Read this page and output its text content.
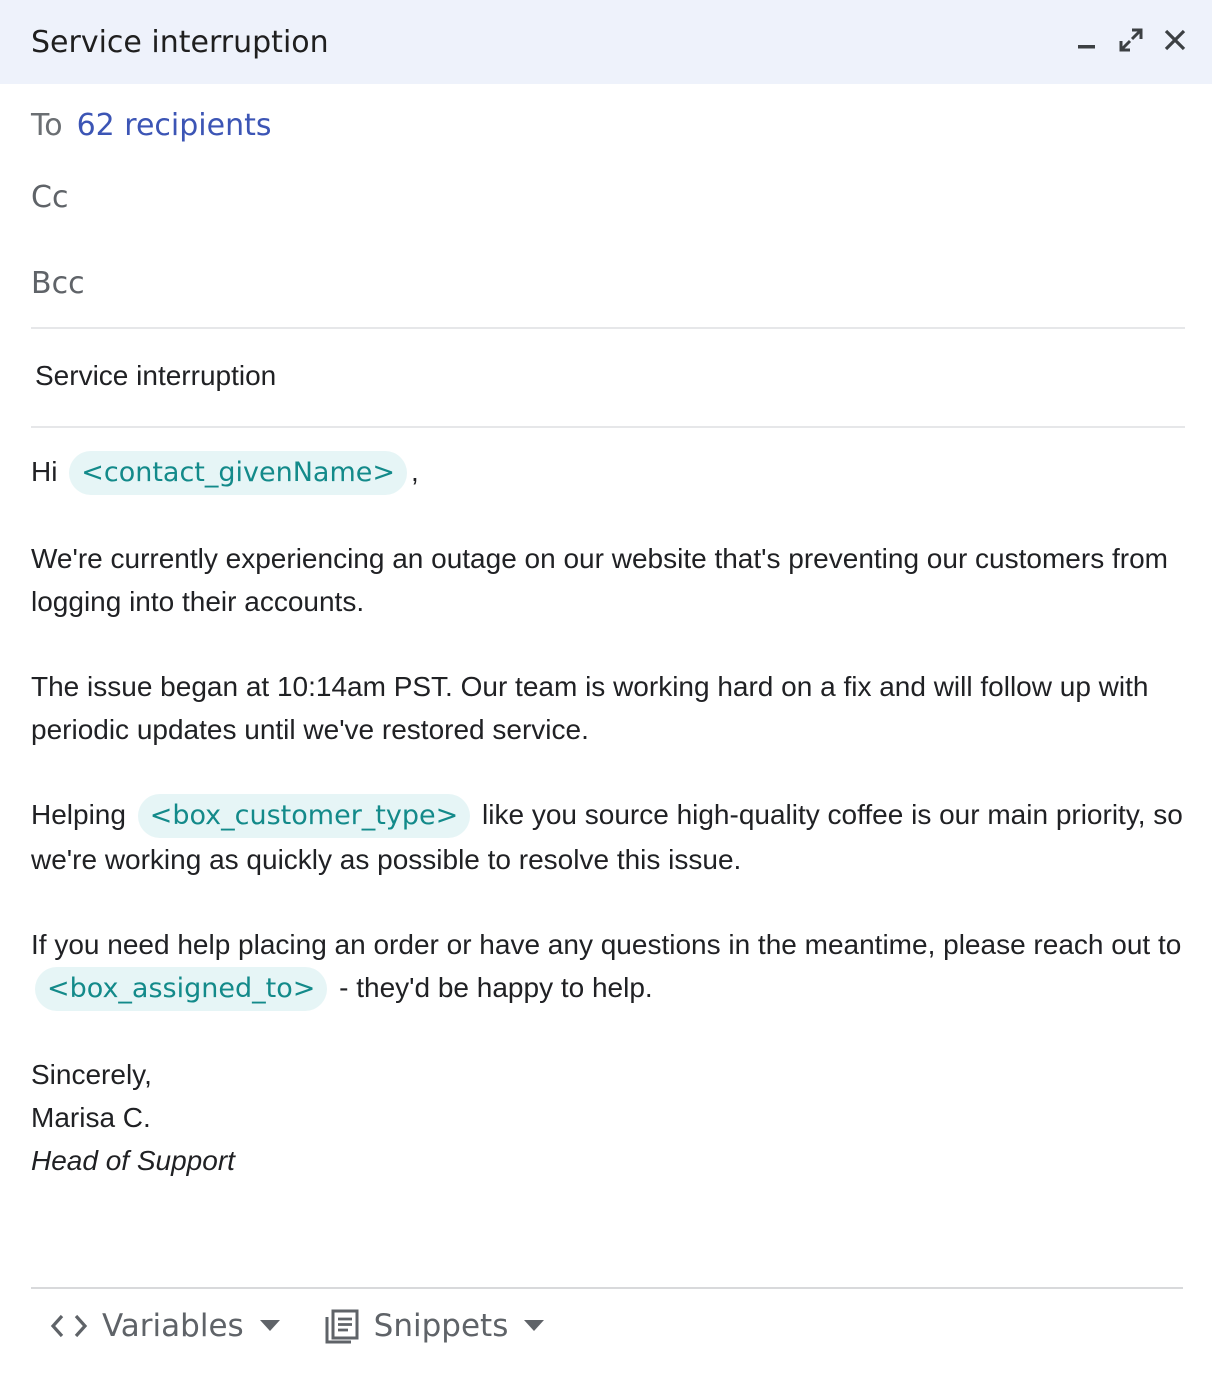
Service interruption
To 62 recipients
Cc
Bcc
Service interruption

Hi <contact_givenName> ,

We're currently experiencing an outage on our website that's preventing our customers from logging into their accounts.

The issue began at 10:14am PST. Our team is working hard on a fix and will follow up with periodic updates until we've restored service.

Helping <box_customer_type> like you source high-quality coffee is our main priority, so we're working as quickly as possible to resolve this issue.

If you need help placing an order or have any questions in the meantime, please reach out to <box_assigned_to> - they'd be happy to help.

Sincerely,
Marisa C.
Head of Support
Variables	Snippets
